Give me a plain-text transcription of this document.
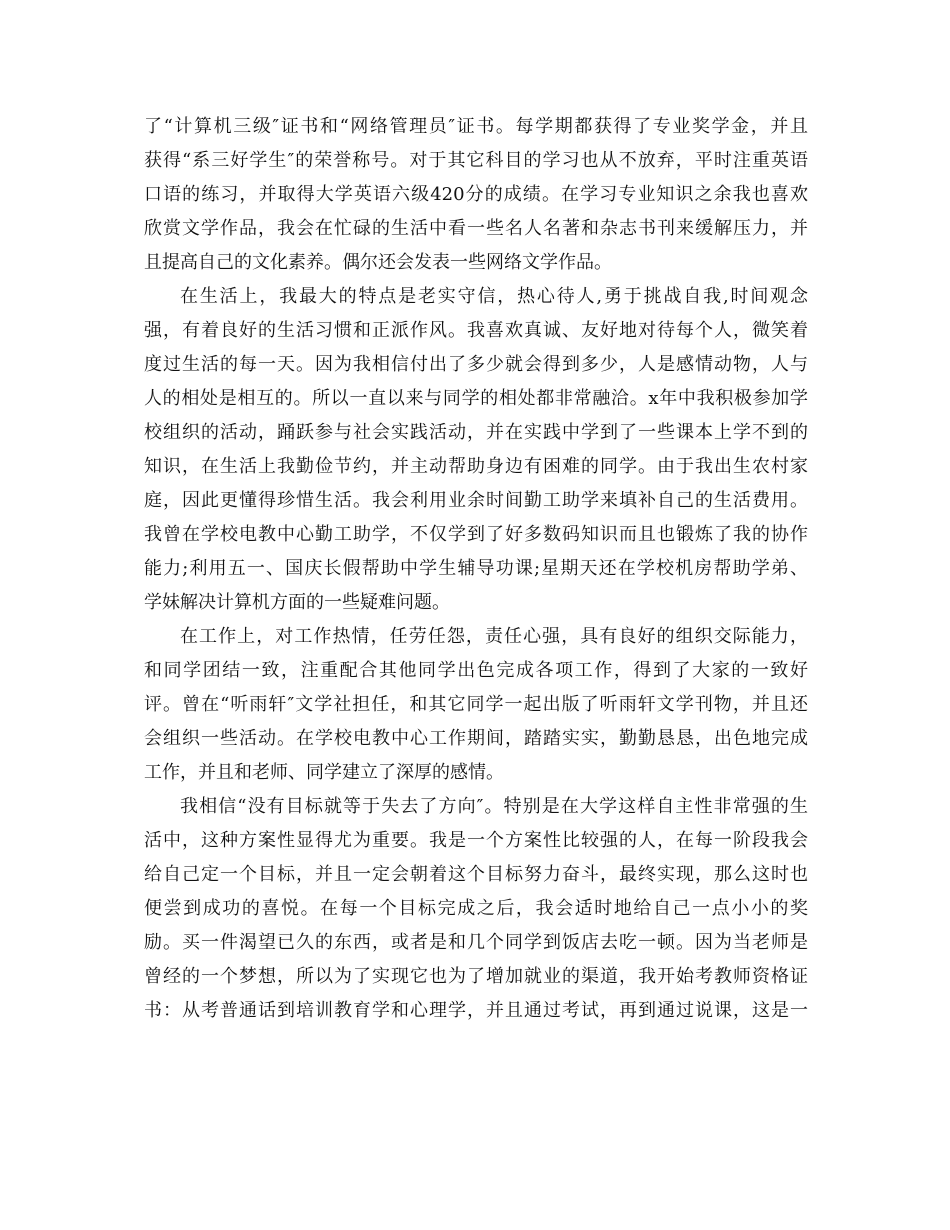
了“计算机三级″证书和“网络管理员″证书。每学期都获得了专业奖学金，并且
获得“系三好学生″的荣誉称号。对于其它科目的学习也从不放弃，平时注重英语
口语的练习，并取得大学英语六级420分的成绩。在学习专业知识之余我也喜欢
欣赏文学作品，我会在忙碌的生活中看一些名人名著和杂志书刊来缓解压力，并
且提高自己的文化素养。偶尔还会发表一些网络文学作品。
在生活上，我最大的特点是老实守信，热心待人,勇于挑战自我,时间观念
强，有着良好的生活习惯和正派作风。我喜欢真诚、友好地对待每个人，微笑着
度过生活的每一天。因为我相信付出了多少就会得到多少，人是感情动物，人与
人的相处是相互的。所以一直以来与同学的相处都非常融洽。x年中我积极参加学
校组织的活动，踊跃参与社会实践活动，并在实践中学到了一些课本上学不到的
知识，在生活上我勤俭节约，并主动帮助身边有困难的同学。由于我出生农村家
庭，因此更懂得珍惜生活。我会利用业余时间勤工助学来填补自己的生活费用。
我曾在学校电教中心勤工助学，不仅学到了好多数码知识而且也锻炼了我的协作
能力;利用五一、国庆长假帮助中学生辅导功课;星期天还在学校机房帮助学弟、
学妹解决计算机方面的一些疑难问题。
在工作上，对工作热情，任劳任怨，责任心强，具有良好的组织交际能力，
和同学团结一致，注重配合其他同学出色完成各项工作，得到了大家的一致好
评。曾在“听雨轩″文学社担任，和其它同学一起出版了听雨轩文学刊物，并且还
会组织一些活动。在学校电教中心工作期间，踏踏实实，勤勤恳恳，出色地完成
工作，并且和老师、同学建立了深厚的感情。
我相信“没有目标就等于失去了方向″。特别是在大学这样自主性非常强的生
活中，这种方案性显得尤为重要。我是一个方案性比较强的人，在每一阶段我会
给自己定一个目标，并且一定会朝着这个目标努力奋斗，最终实现，那么这时也
便尝到成功的喜悦。在每一个目标完成之后，我会适时地给自己一点小小的奖
励。买一件渴望已久的东西，或者是和几个同学到饭店去吃一顿。因为当老师是
曾经的一个梦想，所以为了实现它也为了增加就业的渠道，我开始考教师资格证
书：从考普通话到培训教育学和心理学，并且通过考试，再到通过说课，这是一
